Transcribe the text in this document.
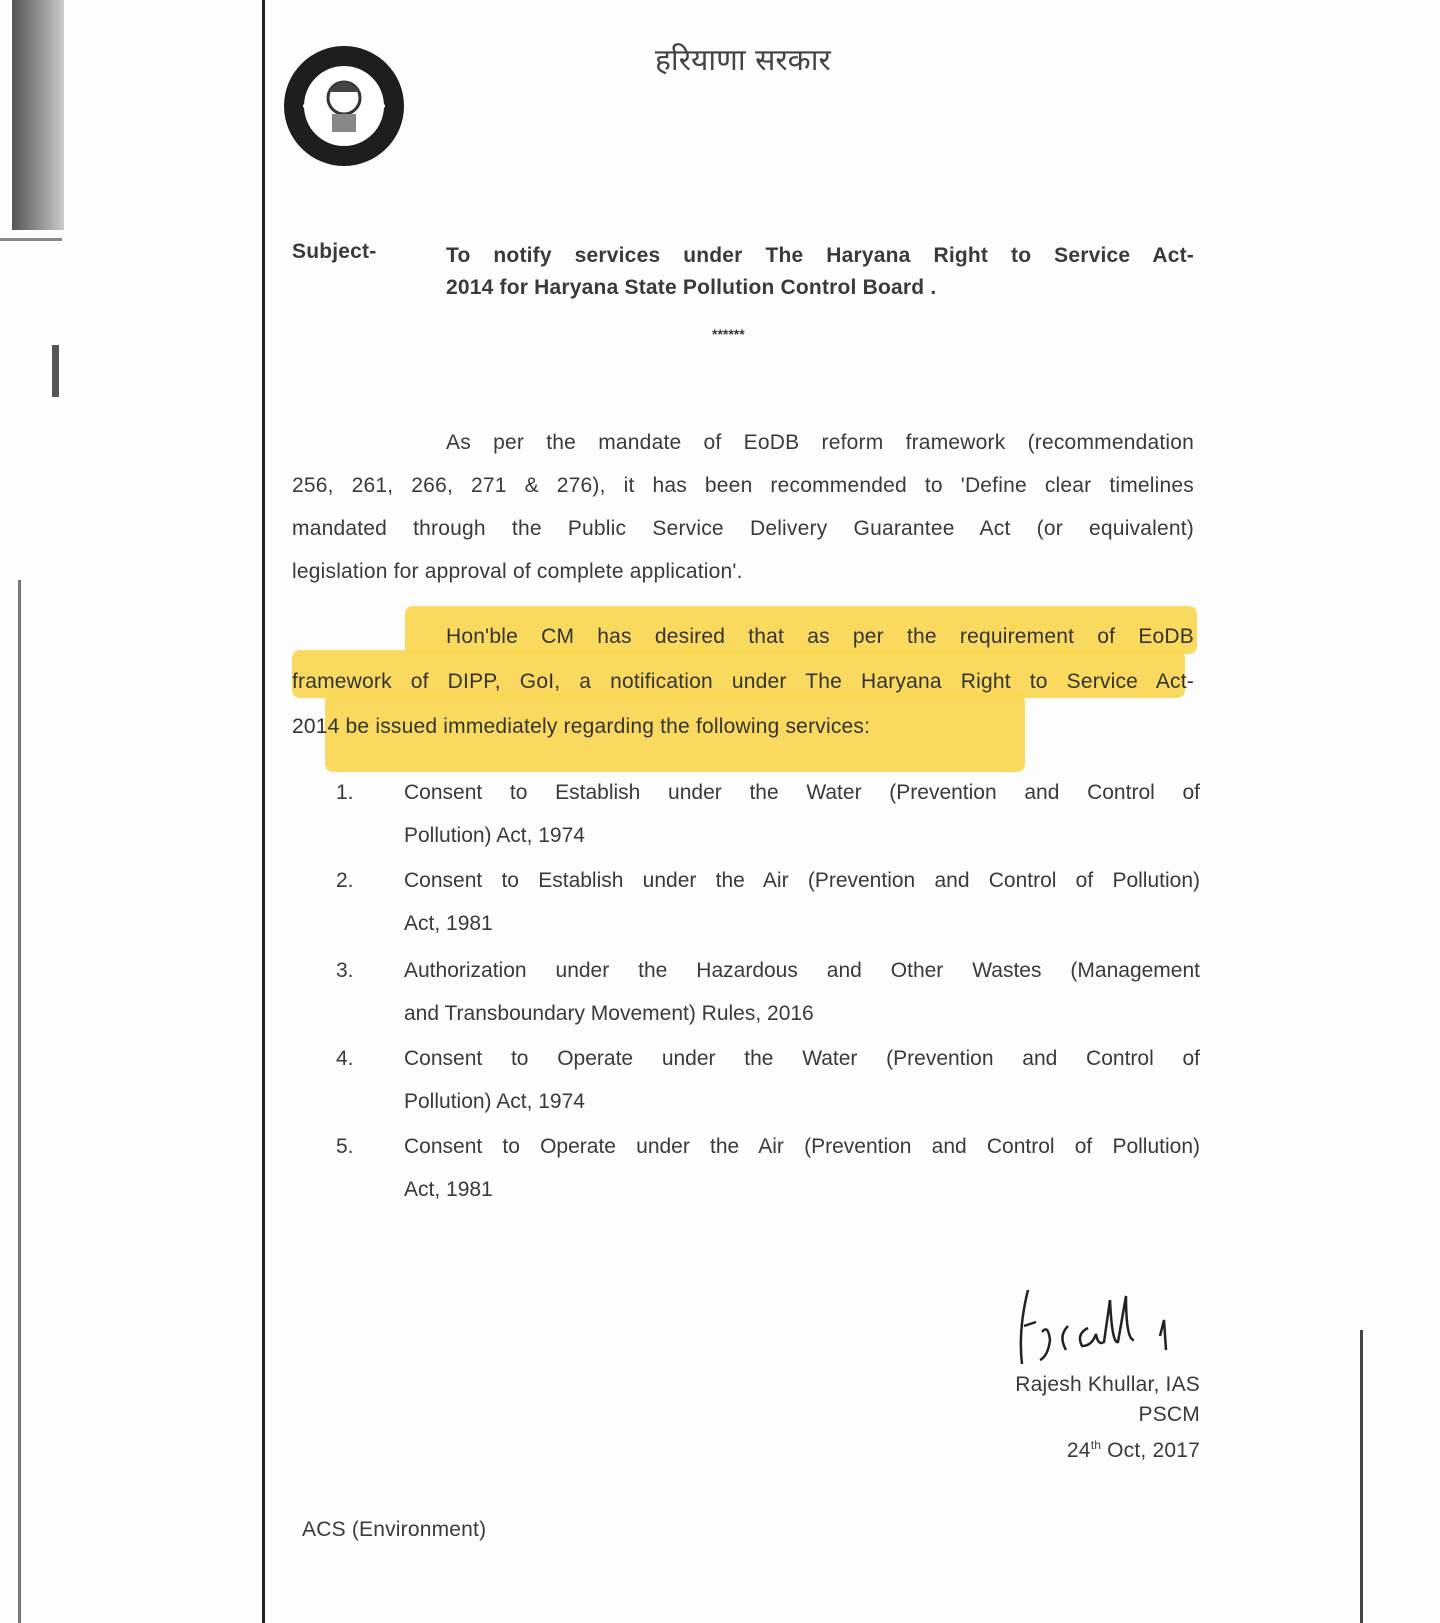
हरियाणा सरकार
Subject-	To notify services under The Haryana Right to Service Act-
2014 for Haryana State Pollution Control Board .
******
As per the mandate of EoDB reform framework (recommendation
256, 261, 266, 271 & 276), it has been recommended to 'Define clear timelines
mandated through the Public Service Delivery Guarantee Act (or equivalent)
legislation for approval of complete application'.
Hon'ble CM has desired that as per the requirement of EoDB
framework of DIPP, GoI, a notification under The Haryana Right to Service Act-
2014 be issued immediately regarding the following services:
1. Consent to Establish under the Water (Prevention and Control of
Pollution) Act, 1974
2. Consent to Establish under the Air (Prevention and Control of Pollution)
Act, 1981
3. Authorization under the Hazardous and Other Wastes (Management
and Transboundary Movement) Rules, 2016
4. Consent to Operate under the Water (Prevention and Control of
Pollution) Act, 1974
5. Consent to Operate under the Air (Prevention and Control of Pollution)
Act, 1981
Rajesh Khullar, IAS
PSCM
24th Oct, 2017
ACS (Environment)
